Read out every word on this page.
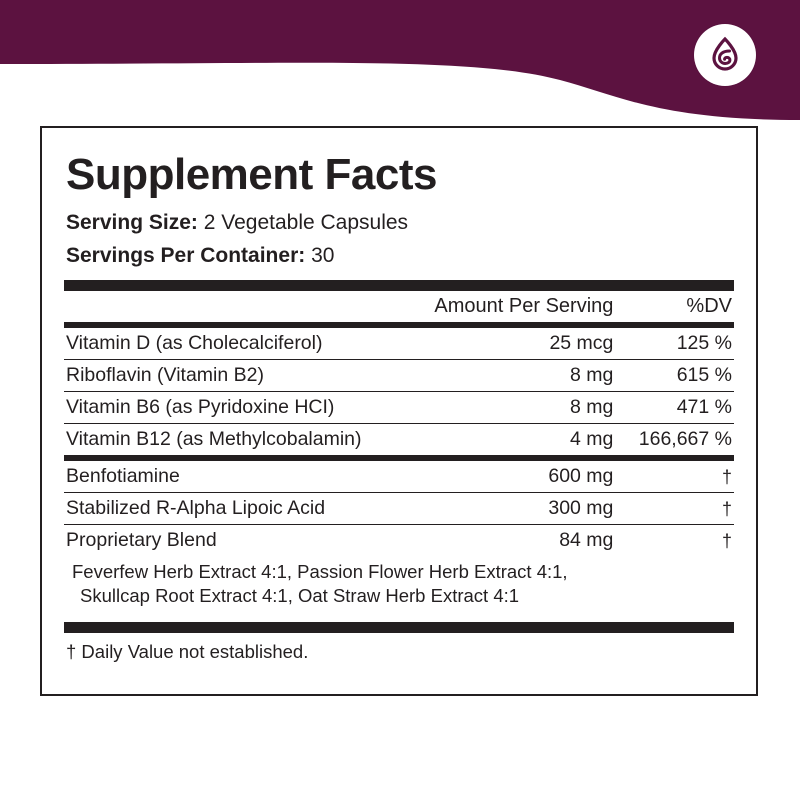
Supplement Facts
Serving Size: 2 Vegetable Capsules
Servings Per Container: 30
	Amount Per Serving	%DV
Vitamin D (as Cholecalciferol)	25 mcg	125 %
Riboflavin (Vitamin B2)	8 mg	615 %
Vitamin B6 (as Pyridoxine HCI)	8 mg	471 %
Vitamin B12 (as Methylcobalamin)	4 mg	166,667 %
Benfotiamine	600 mg	†
Stabilized R-Alpha Lipoic Acid	300 mg	†
Proprietary Blend	84 mg	†

Feverfew Herb Extract 4:1, Passion Flower Herb Extract 4:1,
Skullcap Root Extract 4:1, Oat Straw Herb Extract 4:1		
† Daily Value not established.
